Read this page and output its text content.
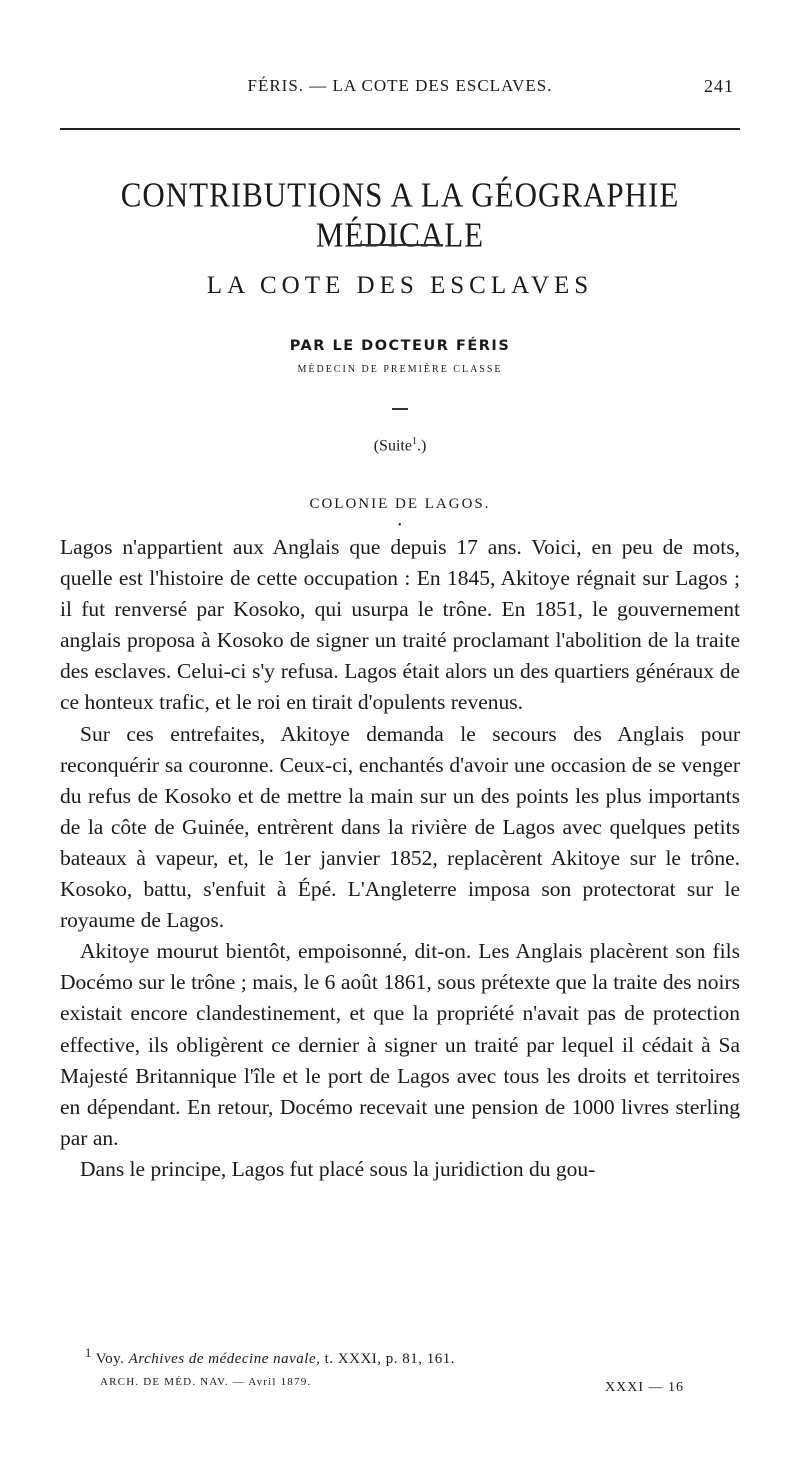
FÉRIS. — LA COTE DES ESCLAVES.	241
CONTRIBUTIONS A LA GÉOGRAPHIE MÉDICALE
LA COTE DES ESCLAVES
PAR LE DOCTEUR FÉRIS
MÉDECIN DE PREMIÈRE CLASSE
(Suite$^1$.)
COLONIE DE LAGOS.
•

Lagos n'appartient aux Anglais que depuis 17 ans. Voici, en peu de mots, quelle est l'histoire de cette occupation : En 1845, Akitoye régnait sur Lagos ; il fut renversé par Kosoko, qui usurpa le trône. En 1851, le gouvernement anglais proposa à Kosoko de signer un traité proclamant l'abolition de la traite des esclaves. Celui-ci s'y refusa. Lagos était alors un des quartiers généraux de ce honteux trafic, et le roi en tirait d'opulents revenus.

Sur ces entrefaites, Akitoye demanda le secours des Anglais pour reconquérir sa couronne. Ceux-ci, enchantés d'avoir une occasion de se venger du refus de Kosoko et de mettre la main sur un des points les plus importants de la côte de Guinée, entrèrent dans la rivière de Lagos avec quelques petits bateaux à vapeur, et, le 1er janvier 1852, replacèrent Akitoye sur le trône. Kosoko, battu, s'enfuit à Épé. L'Angleterre imposa son protectorat sur le royaume de Lagos.

Akitoye mourut bientôt, empoisonné, dit-on. Les Anglais placèrent son fils Docémo sur le trône ; mais, le 6 août 1861, sous prétexte que la traite des noirs existait encore clandestinement, et que la propriété n'avait pas de protection effective, ils obligèrent ce dernier à signer un traité par lequel il cédait à Sa Majesté Britannique l'île et le port de Lagos avec tous les droits et territoires en dépendant. En retour, Docémo recevait une pension de 1000 livres sterling par an.

Dans le principe, Lagos fut placé sous la juridiction du gou-

$^1$ Voy. Archives de médecine navale, t. XXXI, p. 81, 161.
ARCH. DE MÉD. NAV. — Avril 1879.	XXXI — 16
